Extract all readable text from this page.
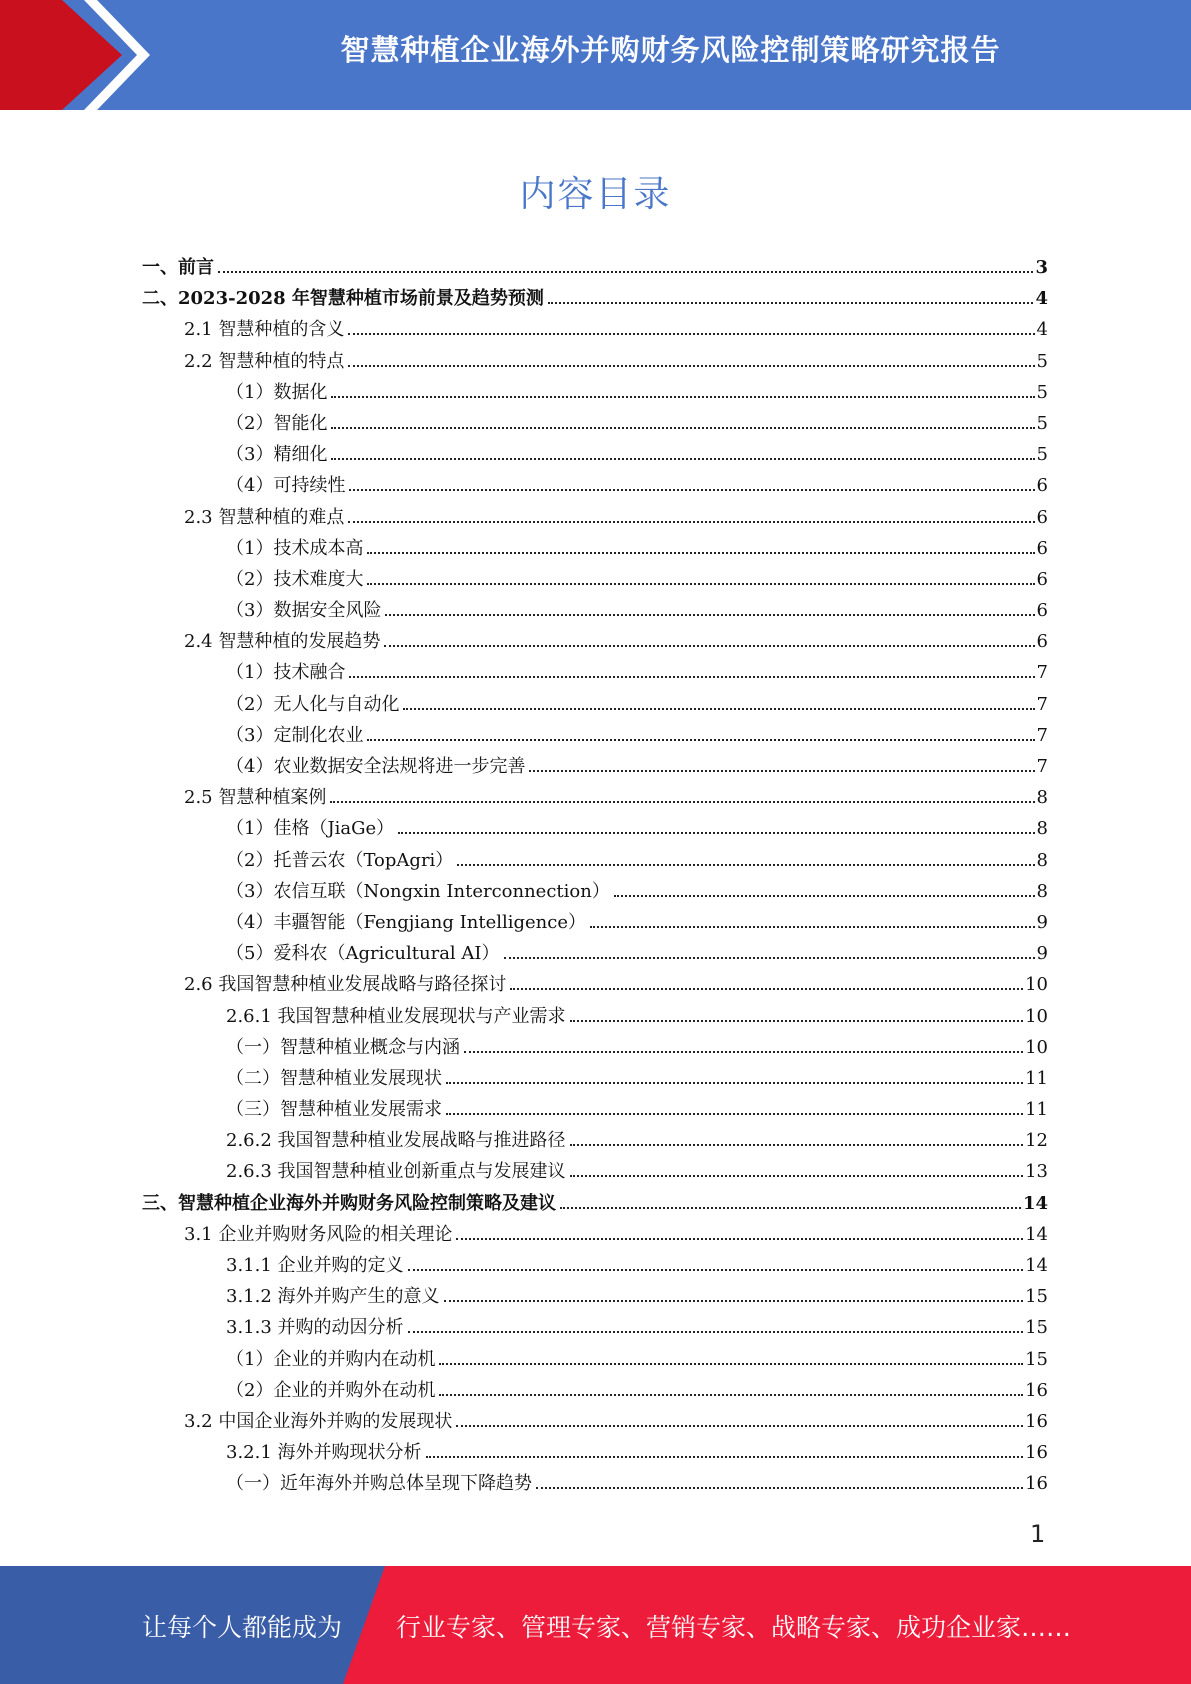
智慧种植企业海外并购财务风险控制策略研究报告
内容目录
一、前言	3
二、2023-2028 年智慧种植市场前景及趋势预测	4
2.1 智慧种植的含义	4
2.2 智慧种植的特点	5
（1）数据化	5
（2）智能化	5
（3）精细化	5
（4）可持续性	6
2.3 智慧种植的难点	6
（1）技术成本高	6
（2）技术难度大	6
（3）数据安全风险	6
2.4 智慧种植的发展趋势	6
（1）技术融合	7
（2）无人化与自动化	7
（3）定制化农业	7
（4）农业数据安全法规将进一步完善	7
2.5 智慧种植案例	8
（1）佳格（JiaGe）	8
（2）托普云农（TopAgri）	8
（3）农信互联（Nongxin Interconnection）	8
（4）丰疆智能（Fengjiang Intelligence）	9
（5）爱科农（Agricultural AI）	9
2.6 我国智慧种植业发展战略与路径探讨	10
2.6.1 我国智慧种植业发展现状与产业需求	10
（一）智慧种植业概念与内涵	10
（二）智慧种植业发展现状	11
（三）智慧种植业发展需求	11
2.6.2 我国智慧种植业发展战略与推进路径	12
2.6.3 我国智慧种植业创新重点与发展建议	13
三、智慧种植企业海外并购财务风险控制策略及建议	14
3.1 企业并购财务风险的相关理论	14
3.1.1 企业并购的定义	14
3.1.2 海外并购产生的意义	15
3.1.3 并购的动因分析	15
（1）企业的并购内在动机	15
（2）企业的并购外在动机	16
3.2 中国企业海外并购的发展现状	16
3.2.1 海外并购现状分析	16
（一）近年海外并购总体呈现下降趋势	16
1
让每个人都能成为 行业专家、管理专家、营销专家、战略专家、成功企业家……
